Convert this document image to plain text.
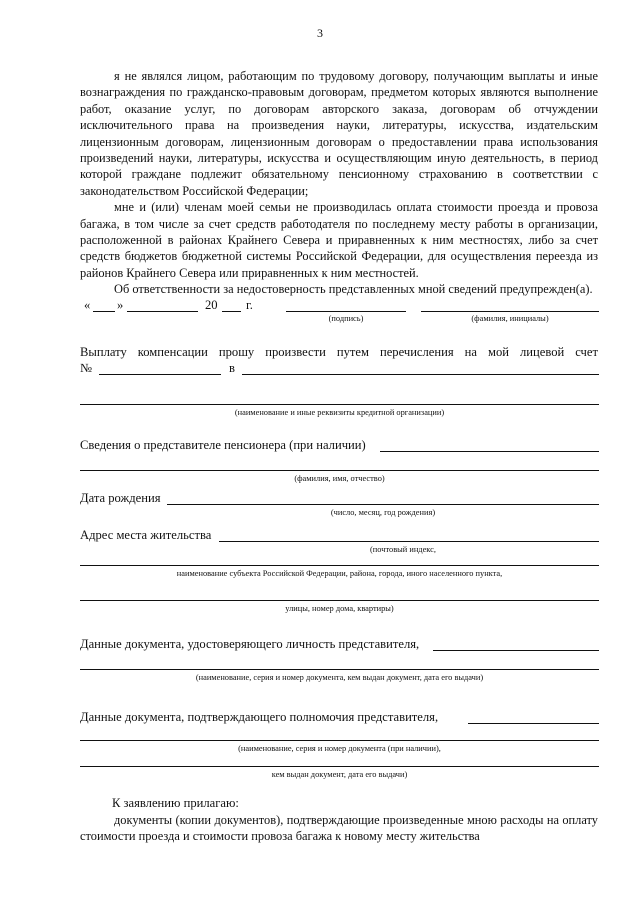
3

я не являлся лицом, работающим по трудовому договору, получающим выплаты и иные вознаграждения по гражданско-правовым договорам, предметом которых являются выполнение работ, оказание услуг, по договорам авторского заказа, договорам об отчуждении исключительного права на произведения науки, литературы, искусства, издательским лицензионным договорам, лицензионным договорам о предоставлении права использования произведений науки, литературы, искусства и осуществляющим иную деятельность, в период которой граждане подлежит обязательному пенсионному страхованию в соответствии с законодательством Российской Федерации;

мне и (или) членам моей семьи не производилась оплата стоимости проезда и провоза багажа, в том числе за счет средств работодателя по последнему месту работы в организации, расположенной в районах Крайнего Севера и приравненных к ним местностях, либо за счет средств бюджетов бюджетной системы Российской Федерации, для осуществления переезда из районов Крайнего Севера или приравненных к ним местностей.

Об ответственности за недостоверность представленных мной сведений предупрежден(а).

« »	20 г.
(подпись)	(фамилия, инициалы)
Выплату компенсации прошу произвести путем перечисления на мой лицевой счет
№	в
(наименование и иные реквизиты кредитной организации)
Сведения о представителе пенсионера (при наличии)
(фамилия, имя, отчество)
Дата рождения
(число, месяц, год рождения)
Адрес места жительства
(почтовый индекс,
наименование субъекта Российской Федерации, района, города, иного населенного пункта,
улицы, номер дома, квартиры)
Данные документа, удостоверяющего личность представителя,
(наименование, серия и номер документа, кем выдан документ, дата его выдачи)
Данные документа, подтверждающего полномочия представителя,
(наименование, серия и номер документа (при наличии),
кем выдан документ, дата его выдачи)
К заявлению прилагаю:

документы (копии документов), подтверждающие произведенные мною расходы на оплату стоимости проезда и стоимости провоза багажа к новому месту жительства
